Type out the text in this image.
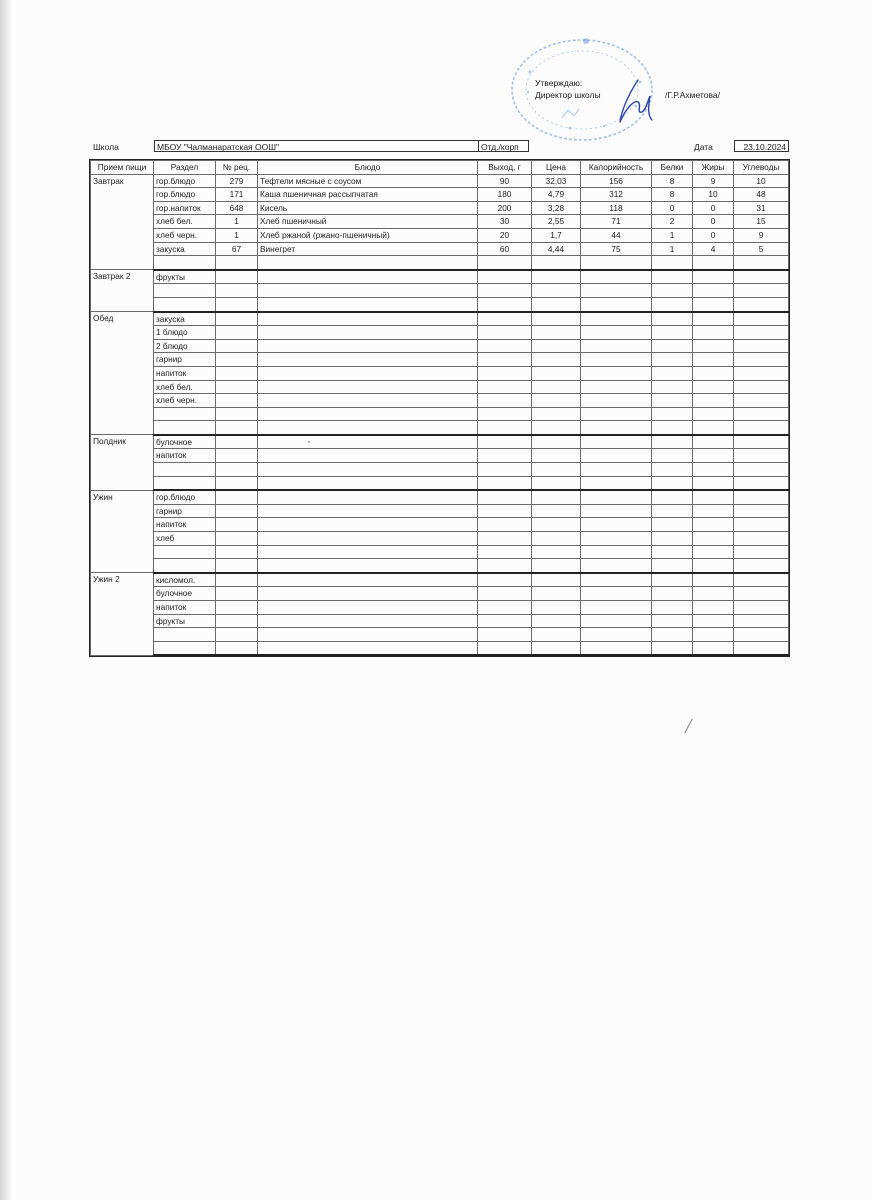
Утверждаю:
Директор школы	/Г.Р.Ахметова/
Школа	МБОУ "Чалманаратская ООШ"	Отд./корп	Дата	23.10.2024
Прием пищи	Раздел	№ рец.	Блюдо	Выход, г	Цена	Калорийность	Белки	Жиры	Углеводы
Завтрак	гор.блюдо	279	Тефтели мясные с соусом	90	32,03	156	8	9	10
	гор.блюдо	171	Каша пшеничная рассыпчатая	180	4,79	312	8	10	48
	гор.напиток	648	Кисель	200	3,28	118	0	0	31
	хлеб бел.	1	Хлеб пшеничный	30	2,55	71	2	0	15
	хлеб черн.	1	Хлеб ржаной (ржано-пшеничный)	20	1,7	44	1	0	9
	закуска	67	Винегрет	60	4,44	75	1	4	5

Завтрак 2	фрукты								

Обед	закуска								
	1 блюдо								
	2 блюдо								
	гарнир								
	напиток								
	хлеб бел.								
	хлеб черн.								

Полдник	булочное								
	напиток								

Ужин	гор.блюдо								
	гарнир								
	напиток								
	хлеб								

Ужин 2	кисломол.								
	булочное								
	напиток								
	фрукты								
